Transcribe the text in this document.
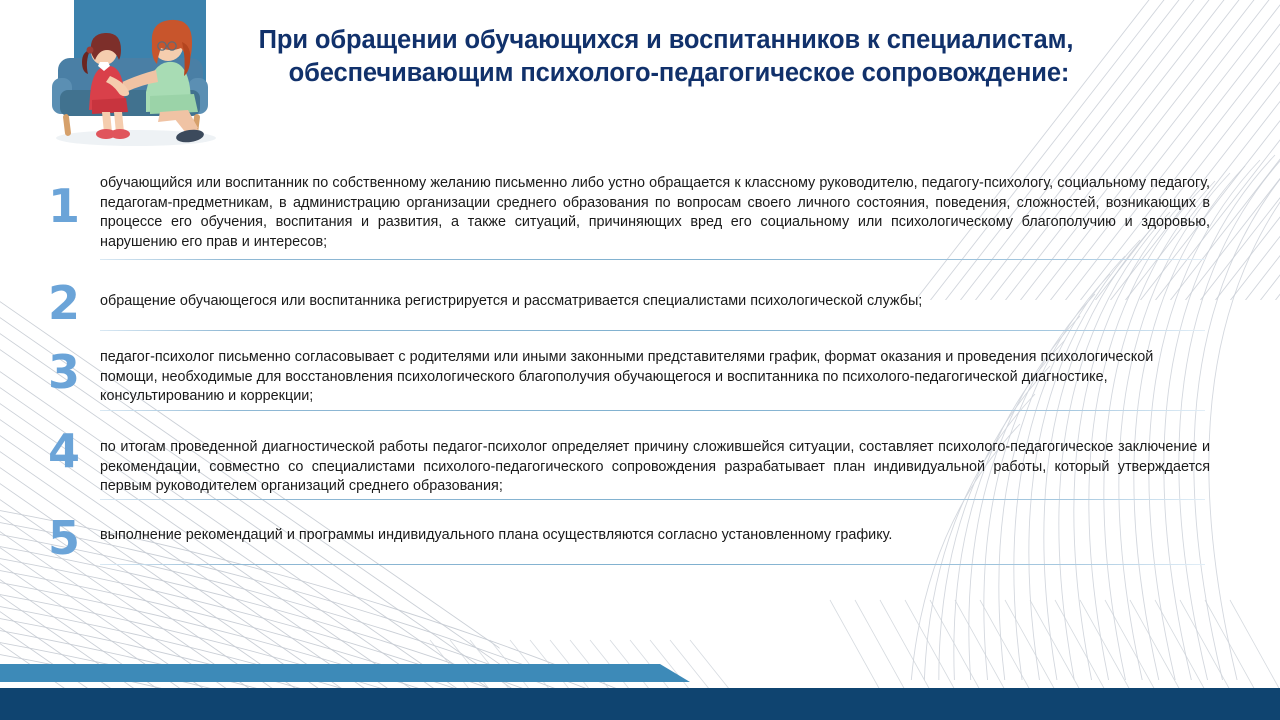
При обращении обучающихся и воспитанников к специалистам,
обеспечивающим психолого-педагогическое сопровождение:
1	обучающийся или воспитанник по собственному желанию письменно либо устно обращается к классному руководителю, педагогу-психологу, социальному педагогу, педагогам-предметникам, в администрацию организации среднего образования по вопросам своего личного состояния, поведения, сложностей, возникающих в процессе его обучения, воспитания и развития, а также ситуаций, причиняющих вред его социальному или психологическому благополучию и здоровью, нарушению его прав и интересов;
2	обращение обучающегося или воспитанника регистрируется и рассматривается специалистами психологической службы;
3	педагог-психолог письменно согласовывает с родителями или иными законными представителями график, формат оказания и проведения психологической помощи, необходимые для восстановления психологического благополучия обучающегося и воспитанника по психолого-педагогической диагностике, консультированию и коррекции;
4	по итогам проведенной диагностической работы педагог-психолог определяет причину сложившейся ситуации, составляет психолого-педагогическое заключение и рекомендации, совместно со специалистами психолого-педагогического сопровождения разрабатывает план индивидуальной работы, который утверждается первым руководителем организаций среднего образования;
5	выполнение рекомендаций и программы индивидуального плана осуществляются согласно установленному графику.
